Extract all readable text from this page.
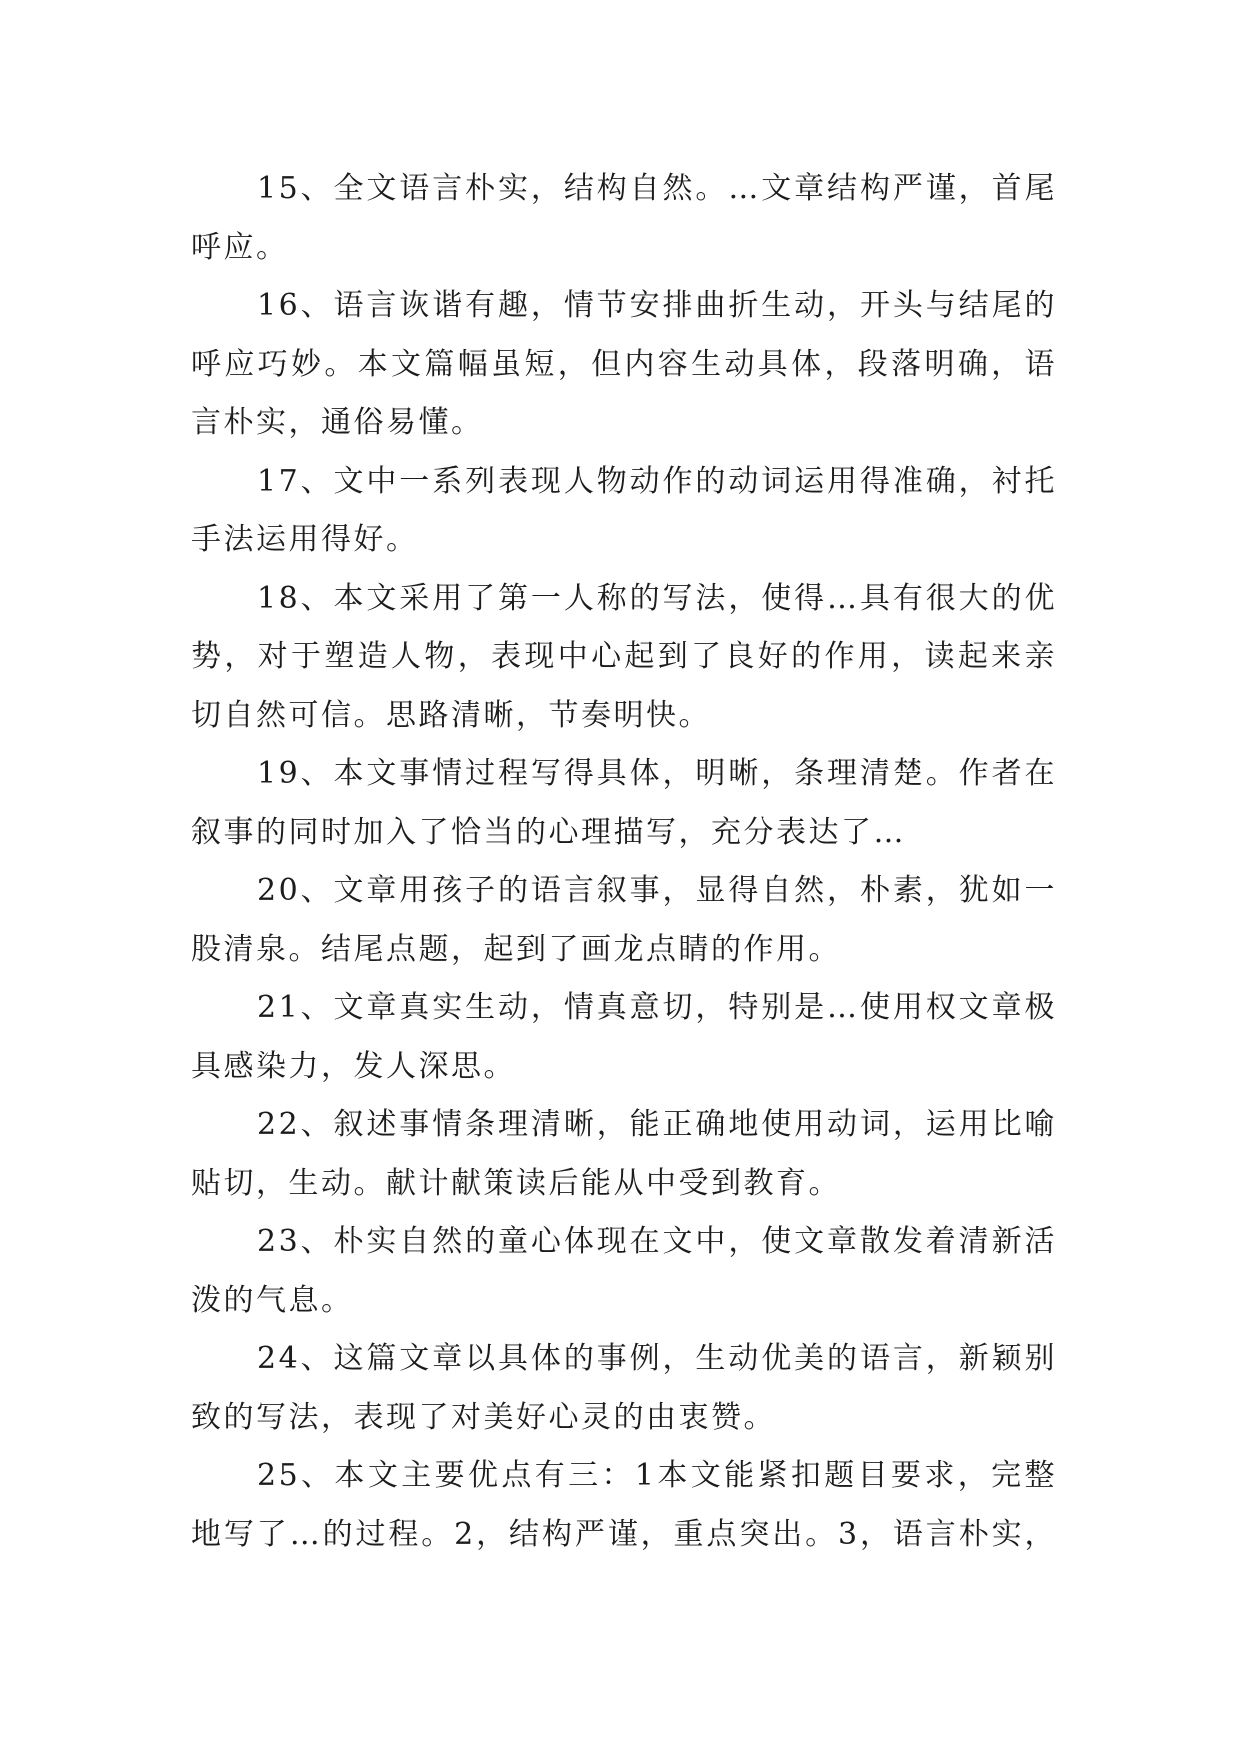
15、全文语言朴实，结构自然。…文章结构严谨，首尾
呼应。
16、语言诙谐有趣，情节安排曲折生动，开头与结尾的
呼应巧妙。本文篇幅虽短，但内容生动具体，段落明确，语
言朴实，通俗易懂。
17、文中一系列表现人物动作的动词运用得准确，衬托
手法运用得好。
18、本文采用了第一人称的写法，使得…具有很大的优
势，对于塑造人物，表现中心起到了良好的作用，读起来亲
切自然可信。思路清晰，节奏明快。
19、本文事情过程写得具体，明晰，条理清楚。作者在
叙事的同时加入了恰当的心理描写，充分表达了…
20、文章用孩子的语言叙事，显得自然，朴素，犹如一
股清泉。结尾点题，起到了画龙点睛的作用。
21、文章真实生动，情真意切，特别是…使用权文章极
具感染力，发人深思。
22、叙述事情条理清晰，能正确地使用动词，运用比喻
贴切，生动。献计献策读后能从中受到教育。
23、朴实自然的童心体现在文中，使文章散发着清新活
泼的气息。
24、这篇文章以具体的事例，生动优美的语言，新颖别
致的写法，表现了对美好心灵的由衷赞。
25、本文主要优点有三：1本文能紧扣题目要求，完整
地写了…的过程。2，结构严谨，重点突出。3，语言朴实，
